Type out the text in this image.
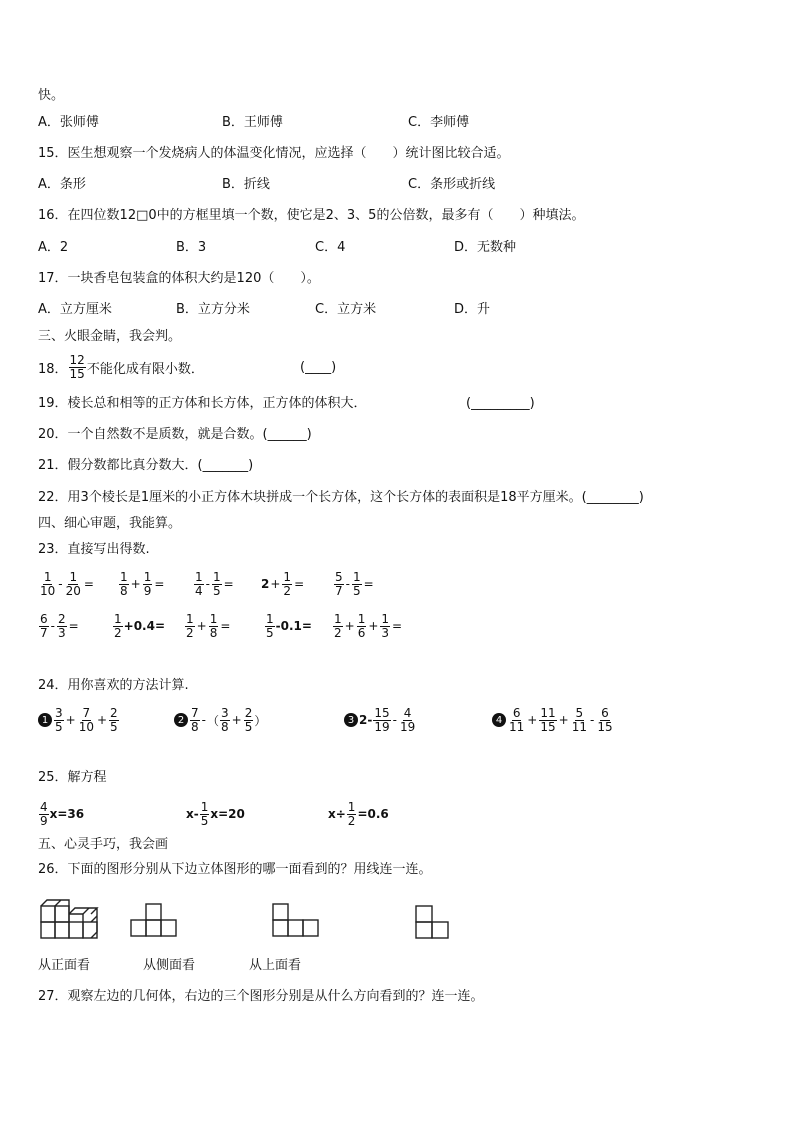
快。
A．张师傅	B．王师傅	C．李师傅
15．医生想观察一个发烧病人的体温变化情况，应选择（　　）统计图比较合适。
A．条形	B．折线	C．条形或折线
16．在四位数12□0中的方框里填一个数，使它是2、3、5的公倍数，最多有（　　）种填法。
A．2	B．3	C．4	D．无数种
17．一块香皂包装盒的体积大约是120（　　）。
A．立方厘米	B．立方分米	C．立方米	D．升
三、火眼金睛，我会判。
18． $\frac{12}{15}$ 不能化成有限小数．	(____)
19．棱长总和相等的正方体和长方体，正方体的体积大．	(_________)
20．一个自然数不是质数，就是合数。(______)
21．假分数都比真分数大．(_______)
22．用3个棱长是1厘米的小正方体木块拼成一个长方体，这个长方体的表面积是18平方厘米。(________)
四、细心审题，我能算。
23．直接写出得数.
$\frac{1}{10} - \frac{1}{20} = \frac{1}{8} + \frac{1}{9} = \frac{1}{4} - \frac{1}{5} = 2 + \frac{1}{2} = \frac{5}{7} - \frac{1}{5}$ =
$\frac{6}{7} - \frac{2}{3}$ =	$\frac{1}{2} +0.4=$	$\frac{1}{2} + \frac{1}{8}$ =	$\frac{1}{5} -0.1=$	$\frac{1}{2} + \frac{1}{6} + \frac{1}{3}$ =
24．用你喜欢的方法计算.
$1 \frac{3}{5} + \frac{7}{10} + \frac{2}{5}$	$2 \frac{7}{8}$ - （ $\frac{3}{8} + \frac{2}{5}$ ）	3 $2- \frac{15}{19} - \frac{4}{19}$	$4 \frac{6}{11} + \frac{11}{15} + \frac{5}{11} - \frac{6}{15}$
25．解方程
$\frac{4}{9} x=36$	$x- \frac{1}{5} x=20$	$x\div \frac{1}{2} =0.6$
五、心灵手巧，我会画
26．下面的图形分别从下边立体图形的哪一面看到的？用线连一连。
从正面看	从侧面看	从上面看
27．观察左边的几何体，右边的三个图形分别是从什么方向看到的？连一连。
